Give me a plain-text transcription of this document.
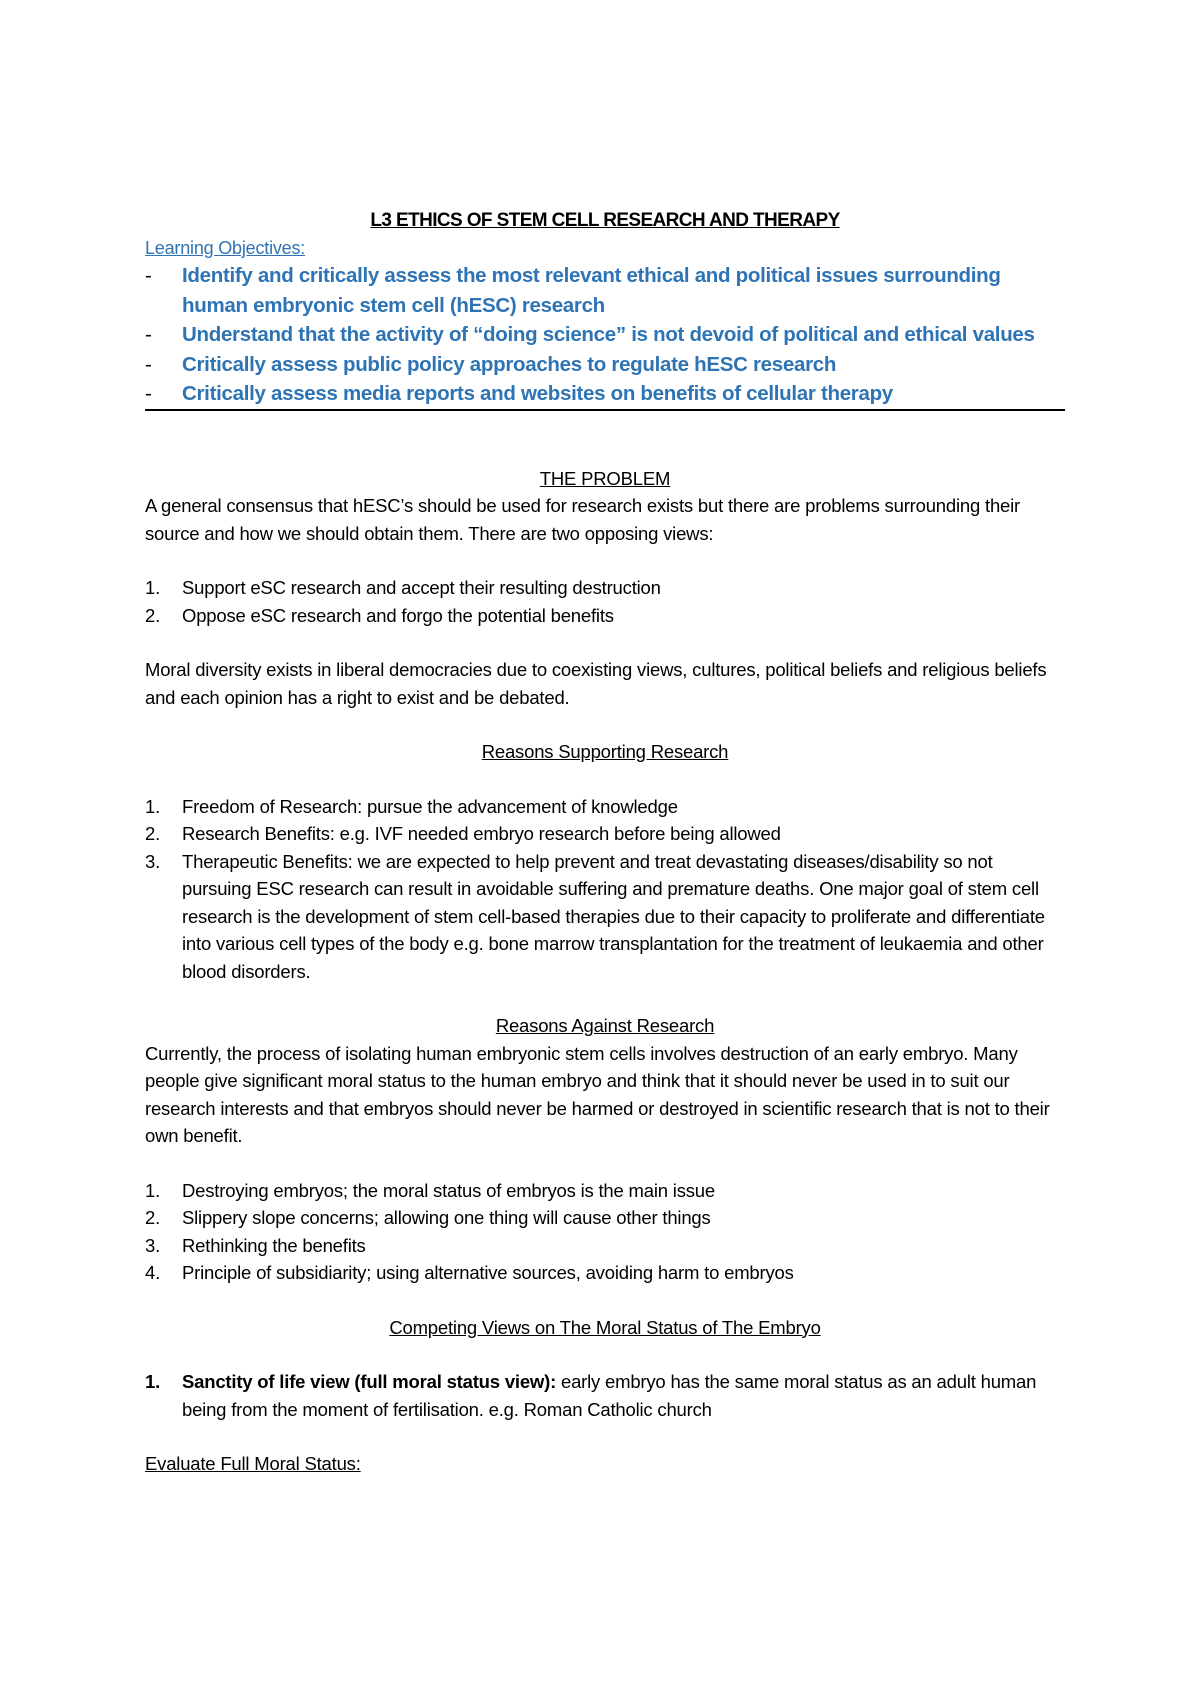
L3 ETHICS OF STEM CELL RESEARCH AND THERAPY
Learning Objectives:
- Identify and critically assess the most relevant ethical and political issues surrounding human embryonic stem cell (hESC) research
- Understand that the activity of “doing science” is not devoid of political and ethical values
- Critically assess public policy approaches to regulate hESC research
- Critically assess media reports and websites on benefits of cellular therapy
THE PROBLEM

A general consensus that hESC’s should be used for research exists but there are problems surrounding their source and how we should obtain them. There are two opposing views:

1. Support eSC research and accept their resulting destruction
2. Oppose eSC research and forgo the potential benefits

Moral diversity exists in liberal democracies due to coexisting views, cultures, political beliefs and religious beliefs and each opinion has a right to exist and be debated.

Reasons Supporting Research
1. Freedom of Research: pursue the advancement of knowledge
2. Research Benefits: e.g. IVF needed embryo research before being allowed
3. Therapeutic Benefits: we are expected to help prevent and treat devastating diseases/disability so not pursuing ESC research can result in avoidable suffering and premature deaths. One major goal of stem cell research is the development of stem cell-based therapies due to their capacity to proliferate and differentiate into various cell types of the body e.g. bone marrow transplantation for the treatment of leukaemia and other blood disorders.
Reasons Against Research

Currently, the process of isolating human embryonic stem cells involves destruction of an early embryo. Many people give significant moral status to the human embryo and think that it should never be used in to suit our research interests and that embryos should never be harmed or destroyed in scientific research that is not to their own benefit.

1. Destroying embryos; the moral status of embryos is the main issue
2. Slippery slope concerns; allowing one thing will cause other things
3. Rethinking the benefits
4. Principle of subsidiarity; using alternative sources, avoiding harm to embryos
Competing Views on The Moral Status of The Embryo
1. Sanctity of life view (full moral status view): early embryo has the same moral status as an adult human being from the moment of fertilisation. e.g. Roman Catholic church
Evaluate Full Moral Status:
